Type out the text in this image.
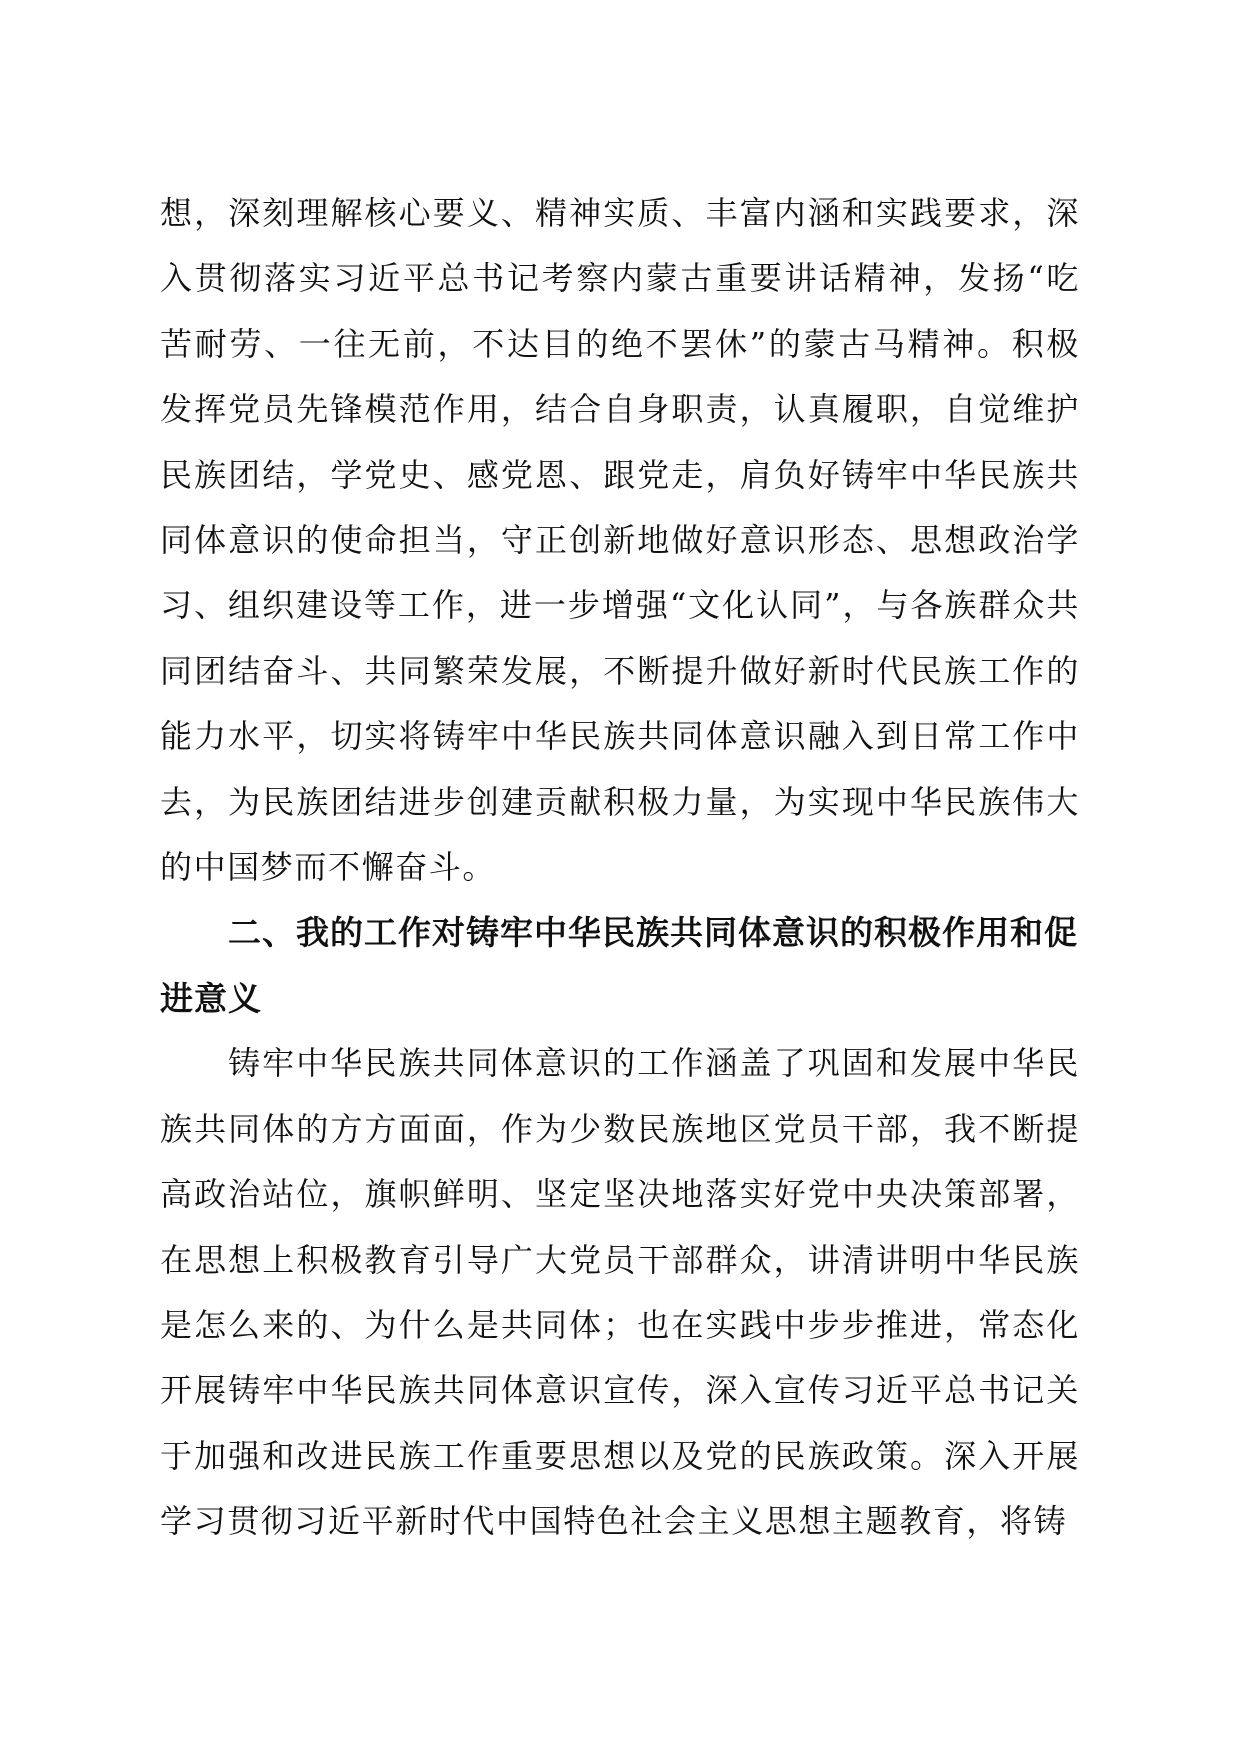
想，深刻理解核心要义、精神实质、丰富内涵和实践要求，深入贯彻落实习近平总书记考察内蒙古重要讲话精神，发扬“吃苦耐劳、一往无前，不达目的绝不罢休”的蒙古马精神。积极发挥党员先锋模范作用，结合自身职责，认真履职，自觉维护民族团结，学党史、感党恩、跟党走，肩负好铸牢中华民族共同体意识的使命担当，守正创新地做好意识形态、思想政治学习、组织建设等工作，进一步增强“文化认同”，与各族群众共同团结奋斗、共同繁荣发展，不断提升做好新时代民族工作的能力水平，切实将铸牢中华民族共同体意识融入到日常工作中去，为民族团结进步创建贡献积极力量，为实现中华民族伟大的中国梦而不懈奋斗。

二、我的工作对铸牢中华民族共同体意识的积极作用和促进意义

铸牢中华民族共同体意识的工作涵盖了巩固和发展中华民族共同体的方方面面，作为少数民族地区党员干部，我不断提高政治站位，旗帜鲜明、坚定坚决地落实好党中央决策部署，在思想上积极教育引导广大党员干部群众，讲清讲明中华民族是怎么来的、为什么是共同体；也在实践中步步推进，常态化开展铸牢中华民族共同体意识宣传，深入宣传习近平总书记关于加强和改进民族工作重要思想以及党的民族政策。深入开展学习贯彻习近平新时代中国特色社会主义思想主题教育，将铸
